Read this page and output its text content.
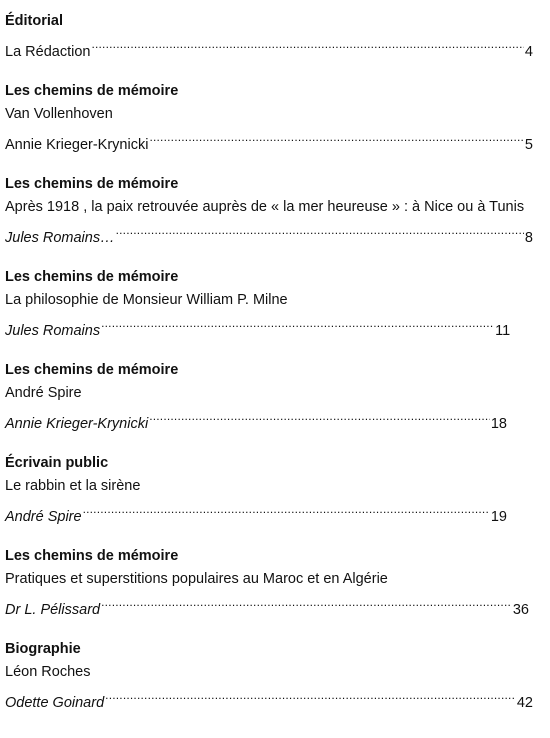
Éditorial
La Rédaction .....	4
Les chemins de mémoire
Van Vollenhoven
Annie Krieger-Krynicki .....	5
Les chemins de mémoire
Après 1918 , la paix retrouvée auprès de « la mer heureuse » : à Nice ou à Tunis
Jules Romains… .....	8
Les chemins de mémoire
La philosophie de Monsieur William P. Milne
Jules Romains .....	11
Les chemins de mémoire
André Spire
Annie Krieger-Krynicki .....	18
Écrivain public
Le rabbin et la sirène
André Spire .....	19
Les chemins de mémoire
Pratiques et superstitions populaires au Maroc et en Algérie
Dr L. Pélissard .....	36
Biographie
Léon Roches
Odette Goinard .....	42
